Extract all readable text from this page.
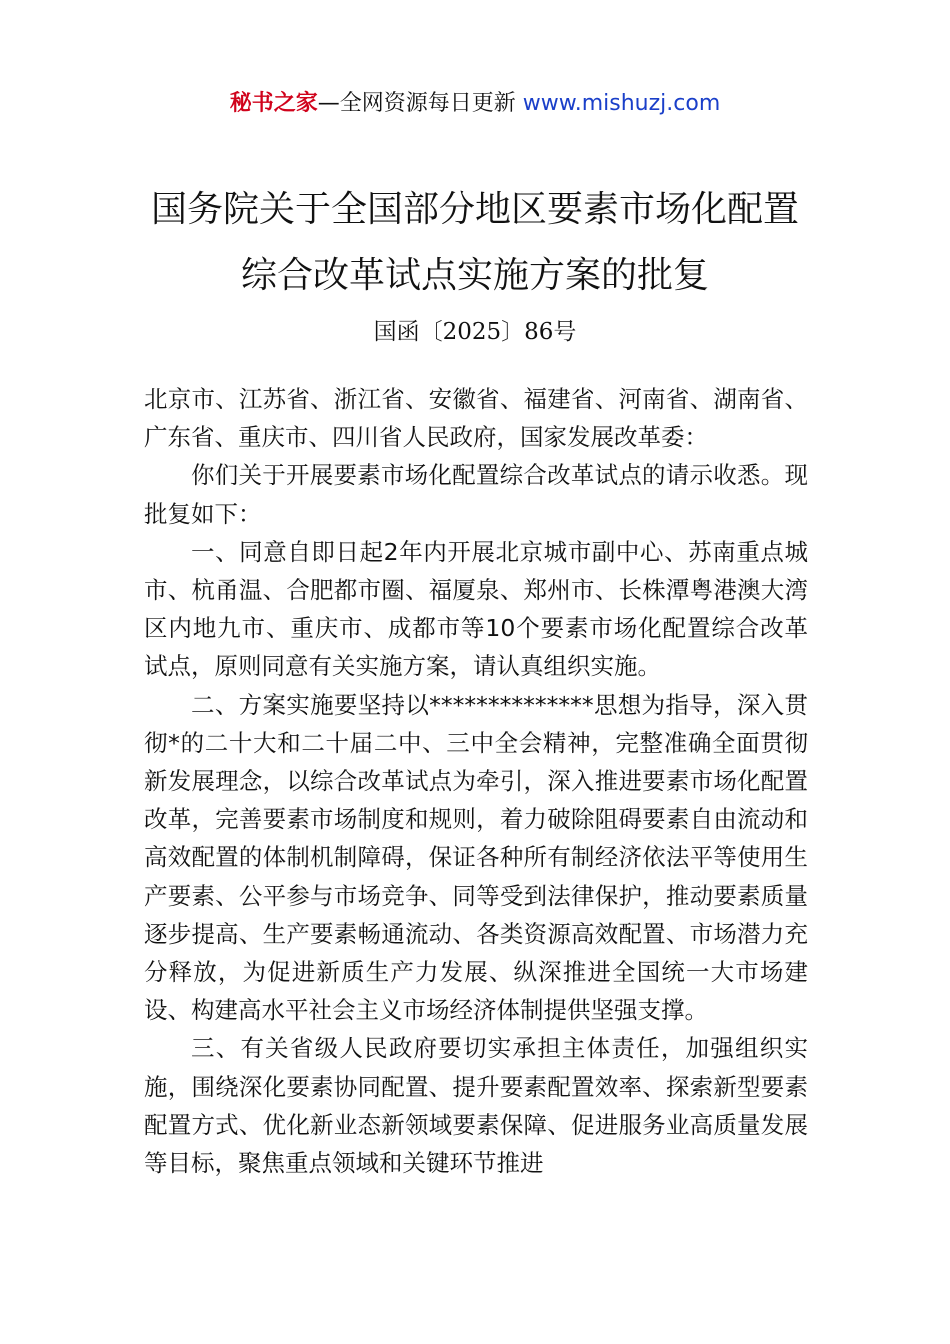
秘书之家—全网资源每日更新 www.mishuzj.com
国务院关于全国部分地区要素市场化配置
综合改革试点实施方案的批复
国函〔2025〕86号

北京市、江苏省、浙江省、安徽省、福建省、河南省、湖南省、广东省、重庆市、四川省人民政府，国家发展改革委：

你们关于开展要素市场化配置综合改革试点的请示收悉。现批复如下：

一、同意自即日起2年内开展北京城市副中心、苏南重点城市、杭甬温、合肥都市圈、福厦泉、郑州市、长株潭粤港澳大湾区内地九市、重庆市、成都市等10个要素市场化配置综合改革试点，原则同意有关实施方案，请认真组织实施。

二、方案实施要坚持以**************思想为指导，深入贯彻*的二十大和二十届二中、三中全会精神，完整准确全面贯彻新发展理念，以综合改革试点为牵引，深入推进要素市场化配置改革，完善要素市场制度和规则，着力破除阻碍要素自由流动和高效配置的体制机制障碍，保证各种所有制经济依法平等使用生产要素、公平参与市场竞争、同等受到法律保护，推动要素质量逐步提高、生产要素畅通流动、各类资源高效配置、市场潜力充分释放，为促进新质生产力发展、纵深推进全国统一大市场建设、构建高水平社会主义市场经济体制提供坚强支撑。

三、有关省级人民政府要切实承担主体责任，加强组织实施，围绕深化要素协同配置、提升要素配置效率、探索新型要素配置方式、优化新业态新领域要素保障、促进服务业高质量发展等目标，聚焦重点领域和关键环节推进
